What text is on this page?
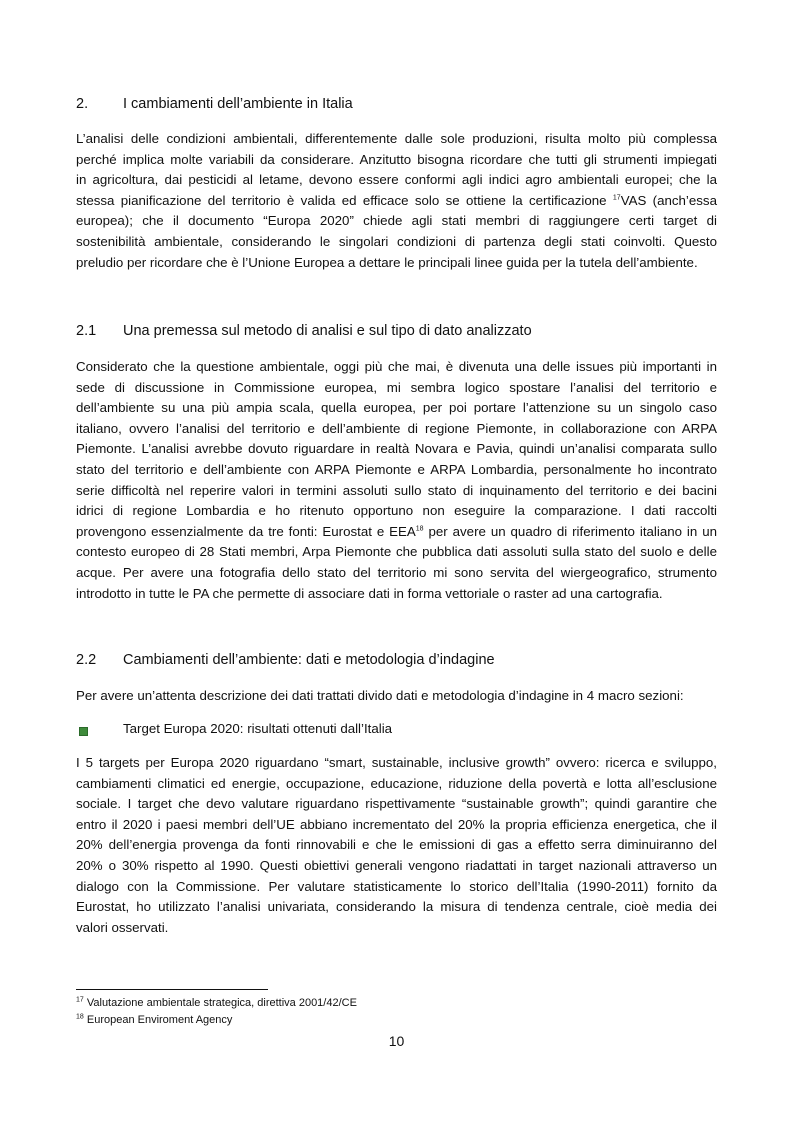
2. I cambiamenti dell’ambiente in Italia
L’analisi delle condizioni ambientali, differentemente dalle sole produzioni, risulta molto più complessa
perché implica molte variabili da considerare. Anzitutto bisogna ricordare che tutti gli strumenti impiegati
in agricoltura, dai pesticidi al letame, devono essere conformi agli indici agro ambientali europei; che la
stessa pianificazione del territorio è valida ed efficace solo se ottiene la certificazione $^{17}$VAS (anch’essa
europea); che il documento “Europa 2020” chiede agli stati membri di raggiungere certi target di
sostenibilità ambientale, considerando le singolari condizioni di partenza degli stati coinvolti. Questo
preludio per ricordare che è l’Unione Europea a dettare le principali linee guida per la tutela dell’ambiente.
2.1 Una premessa sul metodo di analisi e sul tipo di dato analizzato
Considerato che la questione ambientale, oggi più che mai, è divenuta una delle issues più importanti in
sede di discussione in Commissione europea, mi sembra logico spostare l’analisi del territorio e
dell’ambiente su una più ampia scala, quella europea, per poi portare l’attenzione su un singolo caso
italiano, ovvero l’analisi del territorio e dell’ambiente di regione Piemonte, in collaborazione con ARPA
Piemonte. L’analisi avrebbe dovuto riguardare in realtà Novara e Pavia, quindi un’analisi comparata sullo
stato del territorio e dell’ambiente con ARPA Piemonte e ARPA Lombardia, personalmente ho incontrato
serie difficoltà nel reperire valori in termini assoluti sullo stato di inquinamento del territorio e dei bacini
idrici di regione Lombardia e ho ritenuto opportuno non eseguire la comparazione. I dati raccolti
provengono essenzialmente da tre fonti: Eurostat e EEA$^{18}$ per avere un quadro di riferimento italiano in un
contesto europeo di 28 Stati membri, Arpa Piemonte che pubblica dati assoluti sulla stato del suolo e delle
acque. Per avere una fotografia dello stato del territorio mi sono servita del wiergeografico, strumento
introdotto in tutte le PA che permette di associare dati in forma vettoriale o raster ad una cartografia.
2.2 Cambiamenti dell’ambiente: dati e metodologia d’indagine
Per avere un’attenta descrizione dei dati trattati divido dati e metodologia d’indagine in 4 macro sezioni:
Target Europa 2020: risultati ottenuti dall’Italia
I 5 targets per Europa 2020 riguardano “smart, sustainable, inclusive growth” ovvero: ricerca e sviluppo,
cambiamenti climatici ed energie, occupazione, educazione, riduzione della povertà e lotta all’esclusione
sociale. I target che devo valutare riguardano rispettivamente “sustainable growth”; quindi garantire che
entro il 2020 i paesi membri dell’UE abbiano incrementato del 20% la propria efficienza energetica, che il
20% dell’energia provenga da fonti rinnovabili e che le emissioni di gas a effetto serra diminuiranno del
20% o 30% rispetto al 1990. Questi obiettivi generali vengono riadattati in target nazionali attraverso un
dialogo con la Commissione. Per valutare statisticamente lo storico dell’Italia (1990-2011) fornito da
Eurostat, ho utilizzato l’analisi univariata, considerando la misura di tendenza centrale, cioè media dei
valori osservati.
$^{17}$ Valutazione ambientale strategica, direttiva 2001/42/CE
$^{18}$ European Enviroment Agency
10
